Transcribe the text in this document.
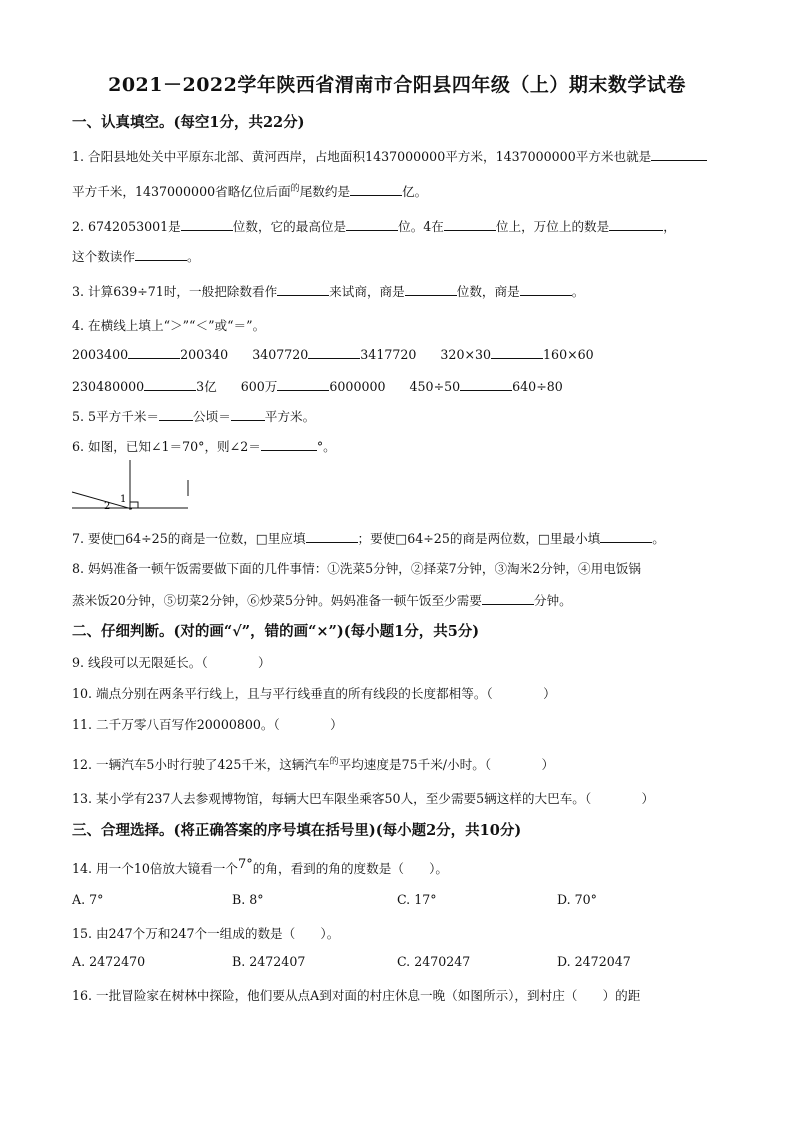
2021－2022学年陕西省渭南市合阳县四年级（上）期末数学试卷
一、认真填空。(每空1分，共22分)
1. 合阳县地处关中平原东北部、黄河西岸，占地面积1437000000平方米，1437000000平方米也就是
平方千米，1437000000省略亿位后面$^的$尾数约是	亿。
2. 6742053001是	位数，它的最高位是	位。4在	位上，万位上的数是	，
这个数读作	。
3. 计算639÷71时，一般把除数看作	来试商，商是	位数，商是	。
4. 在横线上填上“＞”“＜”或“＝”。
2003400	200340 3407720	3417720 320×30	160×60
230480000	3亿 600万	6000000 450÷50	640÷80
5. 5平方千米＝	公顷＝	平方米。
6. 如图，已知∠1＝70°，则∠2＝	°。
1
2
7. 要使□64÷25的商是一位数，□里应填	；要使□64÷25的商是两位数，□里最小填	。
8. 妈妈准备一顿午饭需要做下面的几件事情：①洗菜5分钟，②择菜7分钟，③淘米2分钟，④用电饭锅
蒸米饭20分钟，⑤切菜2分钟，⑥炒菜5分钟。妈妈准备一顿午饭至少需要	分钟。
二、仔细判断。(对的画“√”，错的画“×”)(每小题1分，共5分)
9. 线段可以无限延长。（　　　　）
10. 端点分别在两条平行线上，且与平行线垂直的所有线段的长度都相等。（　　　　）
11. 二千万零八百写作20000800。（　　　　）
12. 一辆汽车5小时行驶了425千米，这辆汽车$^的$平均速度是75千米/小时。（　　　　）
13. 某小学有237人去参观博物馆，每辆大巴车限坐乘客50人，至少需要5辆这样的大巴车。（　　　　）
三、合理选择。(将正确答案的序号填在括号里)(每小题2分，共10分)
14. 用一个10倍放大镜看一个$^{7^\circ}$的角，看到的角的度数是（　　）。
A. 7°	B. 8°	C. 17°	D. 70°
15. 由247个万和247个一组成的数是（　　）。
A. 2472470	B. 2472407	C. 2470247	D. 2472047
16. 一批冒险家在树林中探险，他们要从点A到对面的村庄休息一晚（如图所示），到村庄（　　）的距
